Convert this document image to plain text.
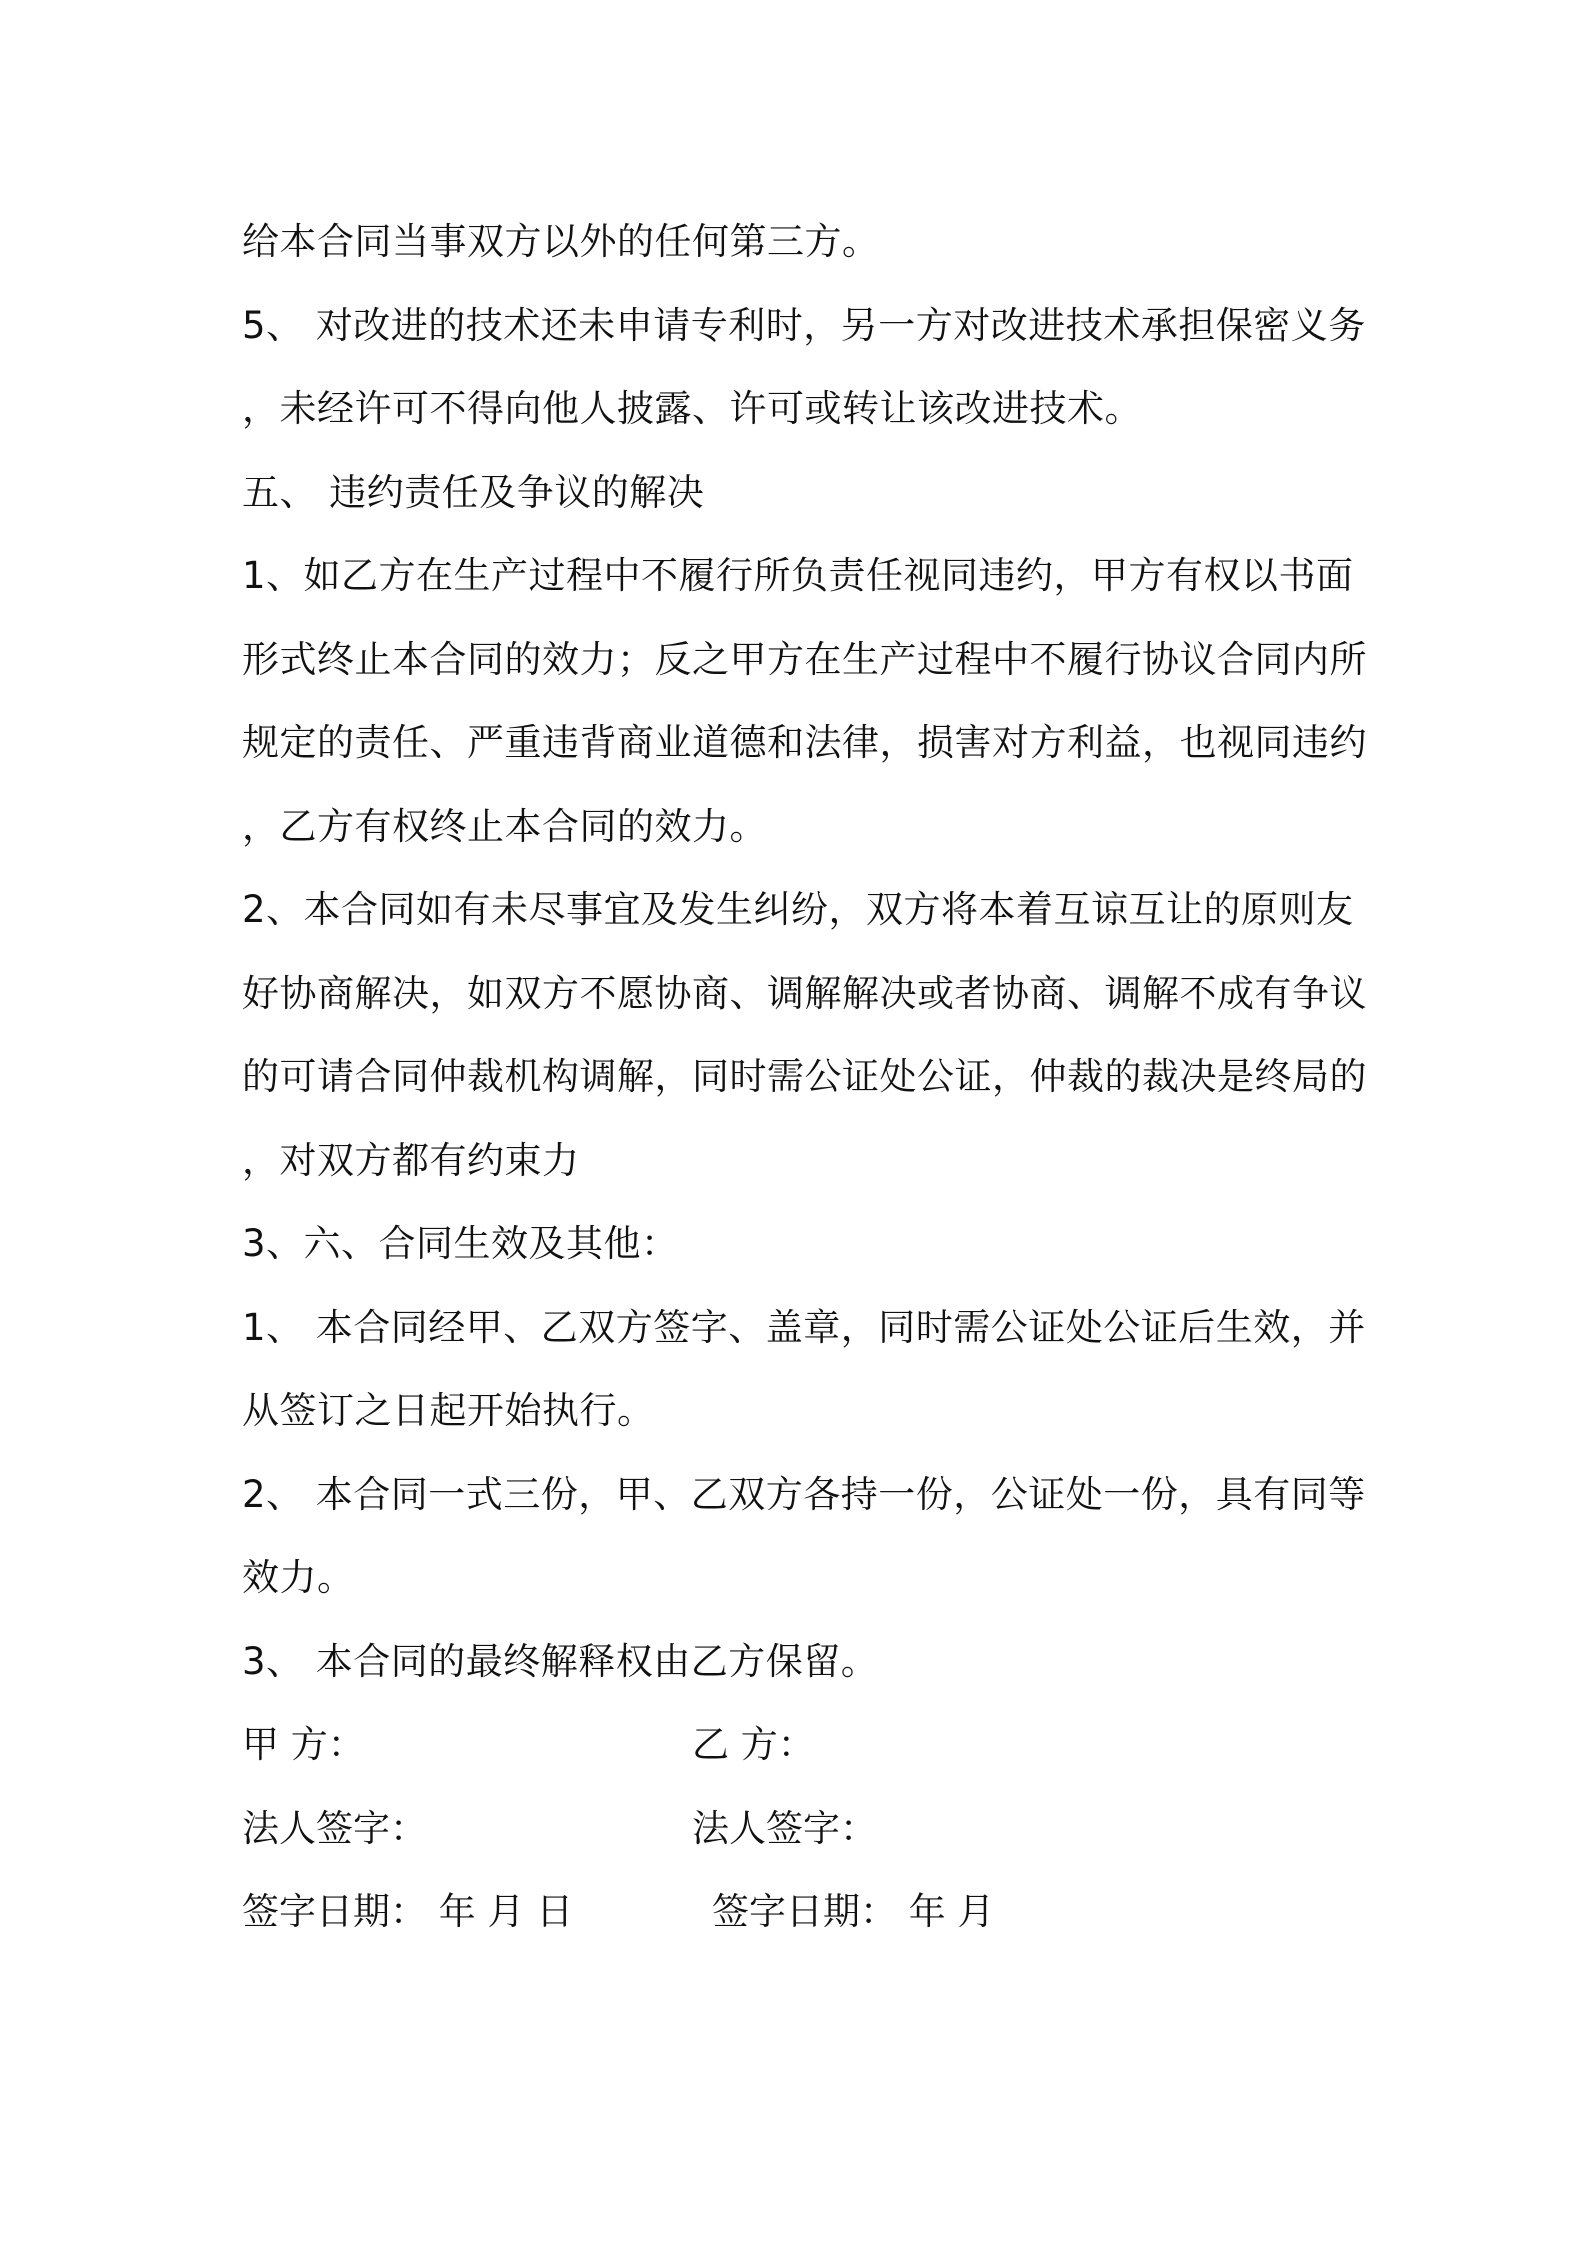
给本合同当事双方以外的任何第三方。
5、 对改进的技术还未申请专利时，另一方对改进技术承担保密义务
，未经许可不得向他人披露、许可或转让该改进技术。
五、 违约责任及争议的解决
1、如乙方在生产过程中不履行所负责任视同违约，甲方有权以书面
形式终止本合同的效力；反之甲方在生产过程中不履行协议合同内所
规定的责任、严重违背商业道德和法律，损害对方利益，也视同违约
，乙方有权终止本合同的效力。
2、本合同如有未尽事宜及发生纠纷，双方将本着互谅互让的原则友
好协商解决，如双方不愿协商、调解解决或者协商、调解不成有争议
的可请合同仲裁机构调解，同时需公证处公证，仲裁的裁决是终局的
，对双方都有约束力
3、六、合同生效及其他：
1、 本合同经甲、乙双方签字、盖章，同时需公证处公证后生效，并
从签订之日起开始执行。
2、 本合同一式三份，甲、乙双方各持一份，公证处一份，具有同等
效力。
3、 本合同的最终解释权由乙方保留。
甲 方：	乙 方：
法人签字：	法人签字：
签字日期： 年 月 日	签字日期： 年 月
